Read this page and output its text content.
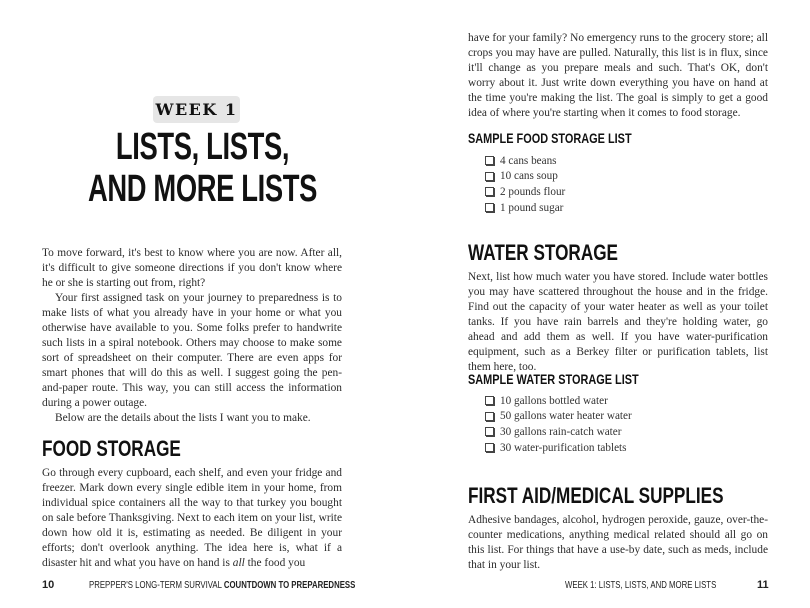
WEEK 1
LISTS, LISTS,
AND MORE LISTS

To move forward, it's best to know where you are now. After all, it's difficult to give someone directions if you don't know where he or she is starting out from, right?

Your first assigned task on your journey to preparedness is to make lists of what you already have in your home or what you otherwise have available to you. Some folks prefer to handwrite such lists in a spiral notebook. Others may choose to make some sort of spreadsheet on their computer. There are even apps for smart phones that will do this as well. I suggest going the pen-and-paper route. This way, you can still access the information during a power outage.

Below are the details about the lists I want you to make.

FOOD STORAGE

Go through every cupboard, each shelf, and even your fridge and freezer. Mark down every single edible item in your home, from individual spice containers all the way to that turkey you bought on sale before Thanksgiving. Next to each item on your list, write down how old it is, estimating as needed. Be diligent in your efforts; don't overlook anything. The idea here is, what if a disaster hit and what you have on hand is all the food you

10	PREPPER'S LONG-TERM SURVIVAL COUNTDOWN TO PREPAREDNESS

have for your family? No emergency runs to the grocery store; all crops you may have are pulled. Naturally, this list is in flux, since it'll change as you prepare meals and such. That's OK, don't worry about it. Just write down everything you have on hand at the time you're making the list. The goal is simply to get a good idea of where you're starting when it comes to food storage.

SAMPLE FOOD STORAGE LIST
4 cans beans
10 cans soup
2 pounds flour
1 pound sugar
WATER STORAGE

Next, list how much water you have stored. Include water bottles you may have scattered throughout the house and in the fridge. Find out the capacity of your water heater as well as your toilet tanks. If you have rain barrels and they're holding water, go ahead and add them as well. If you have water-purification equipment, such as a Berkey filter or purification tablets, list them here, too.

SAMPLE WATER STORAGE LIST
10 gallons bottled water
50 gallons water heater water
30 gallons rain-catch water
30 water-purification tablets
FIRST AID/MEDICAL SUPPLIES

Adhesive bandages, alcohol, hydrogen peroxide, gauze, over-the-counter medications, anything medical related should all go on this list. For things that have a use-by date, such as meds, include that in your list.

WEEK 1: LISTS, LISTS, AND MORE LISTS	11
